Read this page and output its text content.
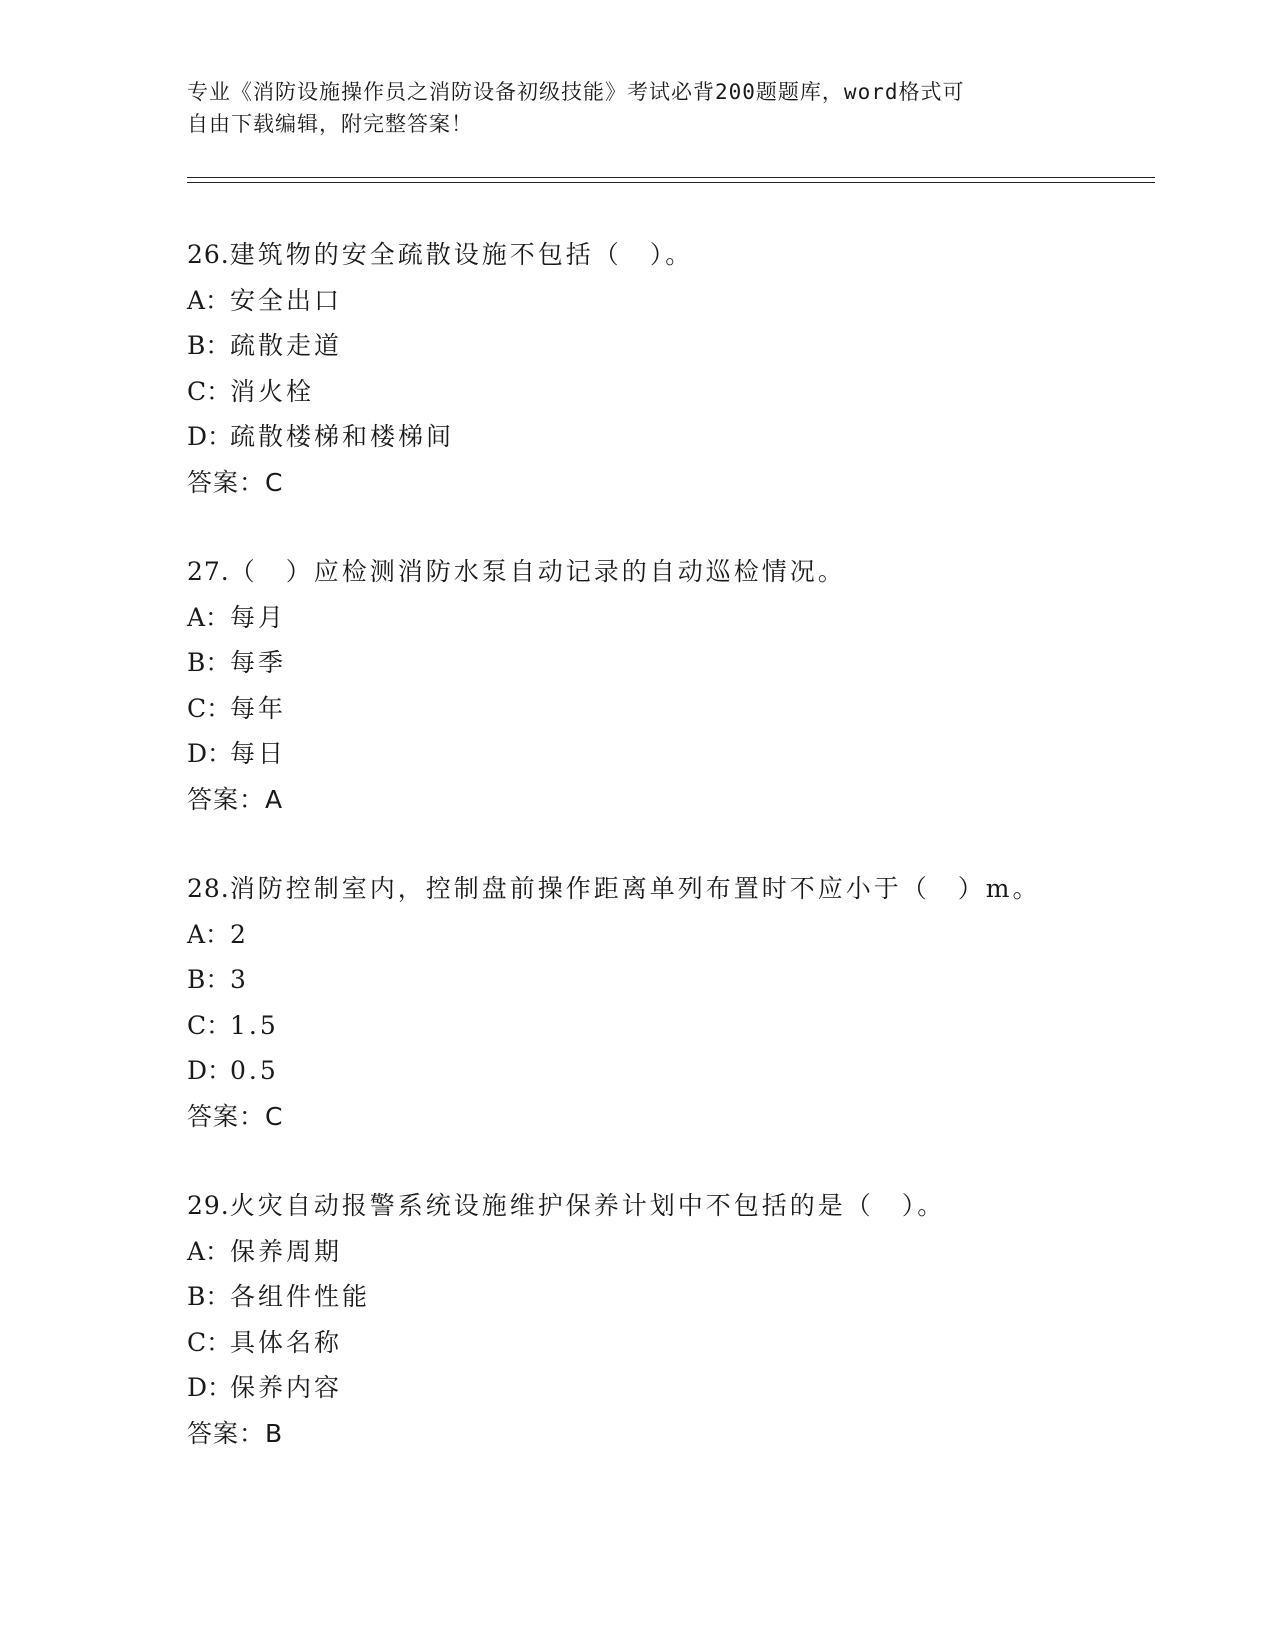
专业《消防设施操作员之消防设备初级技能》考试必背200题题库，word格式可
自由下载编辑，附完整答案！
26.建筑物的安全疏散设施不包括（　）。
A：安全出口
B：疏散走道
C：消火栓
D：疏散楼梯和楼梯间
答案：C
27.（　）应检测消防水泵自动记录的自动巡检情况。
A：每月
B：每季
C：每年
D：每日
答案：A
28.消防控制室内，控制盘前操作距离单列布置时不应小于（　）m。
A：2
B：3
C：1.5
D：0.5
答案：C
29.火灾自动报警系统设施维护保养计划中不包括的是（　）。
A：保养周期
B：各组件性能
C：具体名称
D：保养内容
答案：B
